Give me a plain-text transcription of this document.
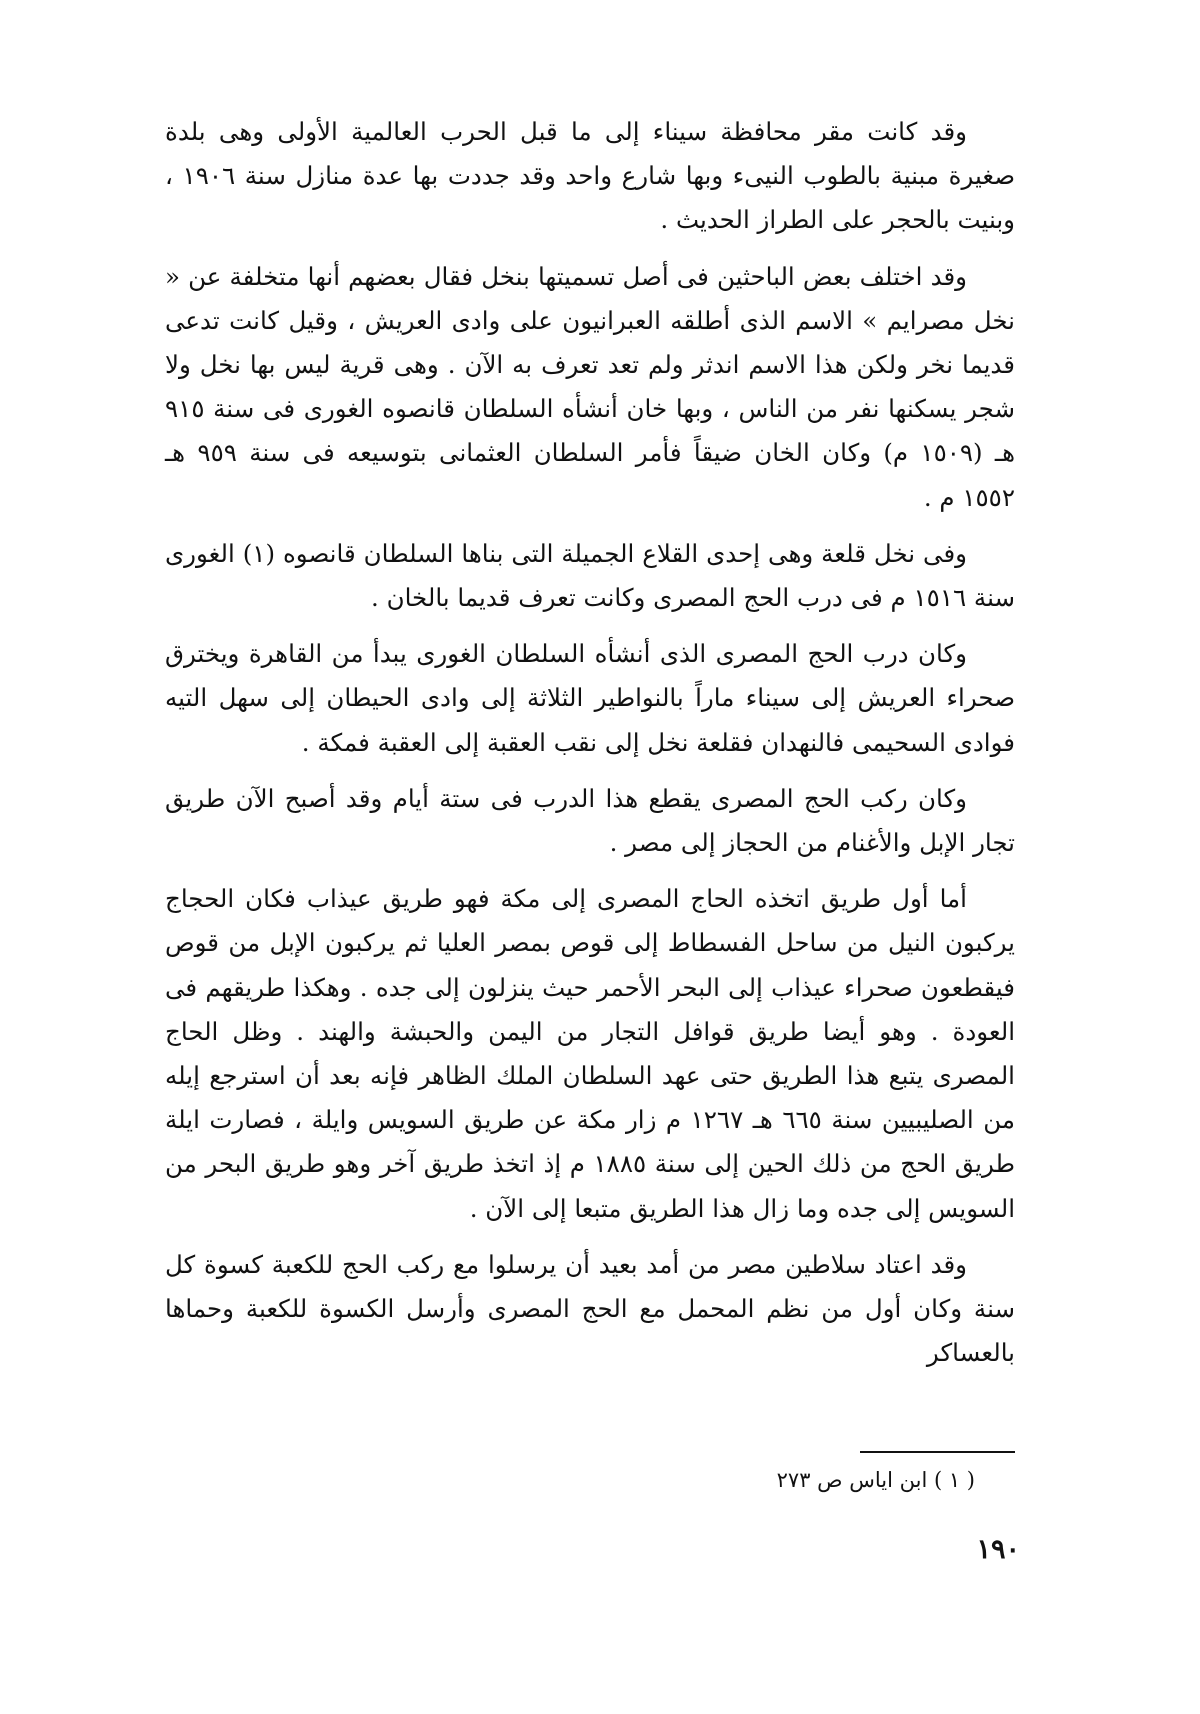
وقد كانت مقر محافظة سيناء إلى ما قبل الحرب العالمية الأولى وهى بلدة صغيرة مبنية بالطوب النيىء وبها شارع واحد وقد جددت بها عدة منازل سنة ١٩٠٦ ، وبنيت بالحجر على الطراز الحديث .

وقد اختلف بعض الباحثين فى أصل تسميتها بنخل فقال بعضهم أنها متخلفة عن « نخل مصرايم » الاسم الذى أطلقه العبرانيون على وادى العريش ، وقيل كانت تدعى قديما نخر ولكن هذا الاسم اندثر ولم تعد تعرف به الآن . وهى قرية ليس بها نخل ولا شجر يسكنها نفر من الناس ، وبها خان أنشأه السلطان قانصوه الغورى فى سنة ٩١٥ هـ (١٥٠٩ م) وكان الخان ضيقاً فأمر السلطان العثمانى بتوسيعه فى سنة ٩٥٩ هـ ١٥٥٢ م .

وفى نخل قلعة وهى إحدى القلاع الجميلة التى بناها السلطان قانصوه (١) الغورى سنة ١٥١٦ م فى درب الحج المصرى وكانت تعرف قديما بالخان .

وكان درب الحج المصرى الذى أنشأه السلطان الغورى يبدأ من القاهرة ويخترق صحراء العريش إلى سيناء ماراً بالنواطير الثلاثة إلى وادى الحيطان إلى سهل التيه فوادى السحيمى فالنهدان فقلعة نخل إلى نقب العقبة إلى العقبة فمكة .

وكان ركب الحج المصرى يقطع هذا الدرب فى ستة أيام وقد أصبح الآن طريق تجار الإبل والأغنام من الحجاز إلى مصر .

أما أول طريق اتخذه الحاج المصرى إلى مكة فهو طريق عيذاب فكان الحجاج يركبون النيل من ساحل الفسطاط إلى قوص بمصر العليا ثم يركبون الإبل من قوص فيقطعون صحراء عيذاب إلى البحر الأحمر حيث ينزلون إلى جده . وهكذا طريقهم فى العودة . وهو أيضا طريق قوافل التجار من اليمن والحبشة والهند . وظل الحاج المصرى يتبع هذا الطريق حتى عهد السلطان الملك الظاهر فإنه بعد أن استرجع إيله من الصليبيين سنة ٦٦٥ هـ ١٢٦٧ م زار مكة عن طريق السويس وايلة ، فصارت ايلة طريق الحج من ذلك الحين إلى سنة ١٨٨٥ م إذ اتخذ طريق آخر وهو طريق البحر من السويس إلى جده وما زال هذا الطريق متبعا إلى الآن .

وقد اعتاد سلاطين مصر من أمد بعيد أن يرسلوا مع ركب الحج للكعبة كسوة كل سنة وكان أول من نظم المحمل مع الحج المصرى وأرسل الكسوة للكعبة وحماها بالعساكر

( ١ ) ابن اياس ص ٢٧٣
١٩٠
